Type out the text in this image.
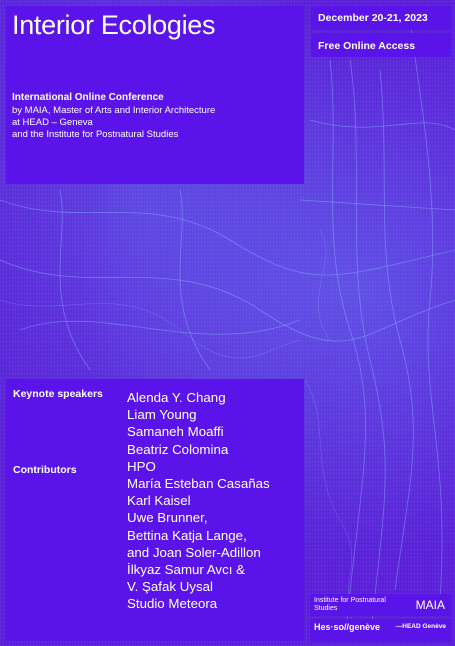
Interior Ecologies
International Online Conference
by MAIA, Master of Arts and Interior Architecture
at HEAD – Geneva
and the Institute for Postnatural Studies
December 20-21, 2023
Free Online Access
Keynote speakers
Contributors
Alenda Y. Chang
Liam Young
Samaneh Moaffi
Beatriz Colomina
HPO
María Esteban Casañas
Karl Kaisel
Uwe Brunner,
Bettina Katja Lange,
and Joan Soler-Adillon
İlkyaz Samur Avcı &
V. Şafak Uysal
Studio Meteora	Institute for Postnatural Studies	MAIA
Hes·so//genève —HEAD Genève
